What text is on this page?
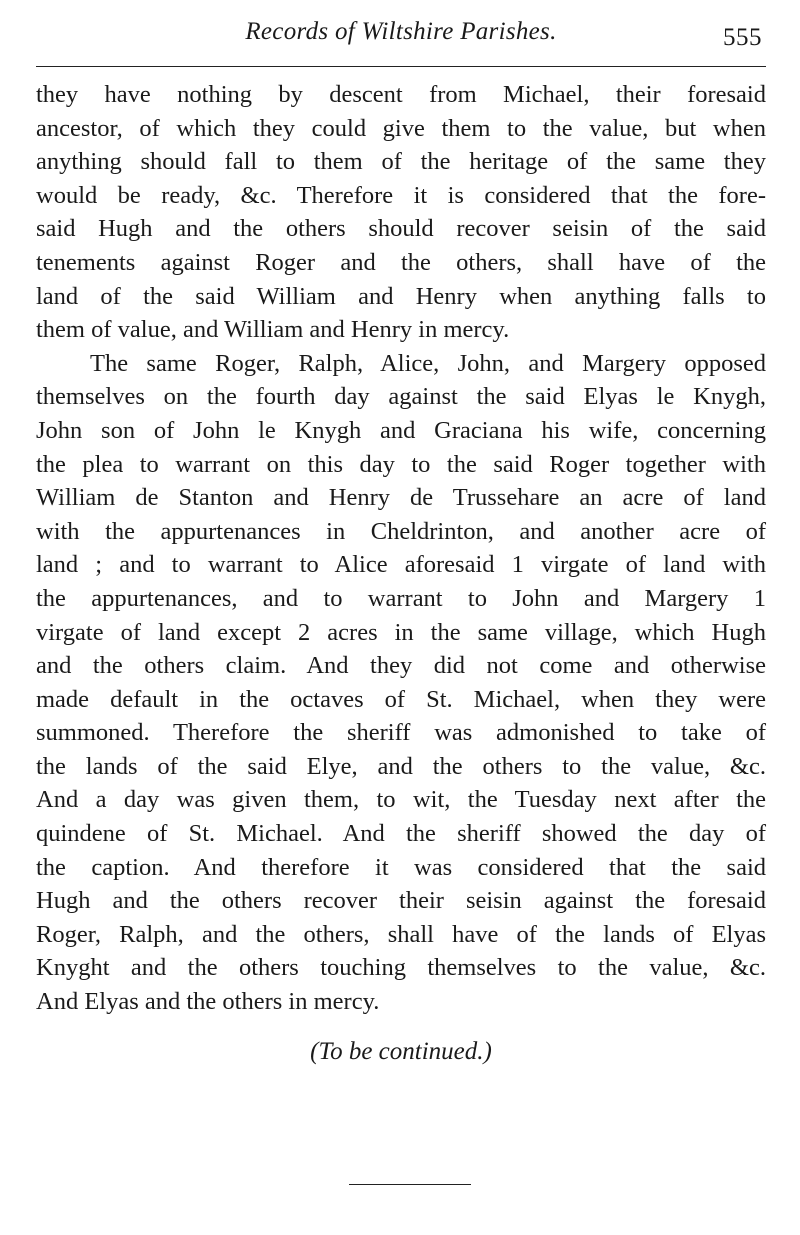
Records of Wiltshire Parishes.	555
they have nothing by descent from Michael, their foresaid
ancestor, of which they could give them to the value, but when
anything should fall to them of the heritage of the same they
would be ready, &c. Therefore it is considered that the fore-
said Hugh and the others should recover seisin of the said
tenements against Roger and the others, shall have of the
land of the said William and Henry when anything falls to
them of value, and William and Henry in mercy.
The same Roger, Ralph, Alice, John, and Margery opposed
themselves on the fourth day against the said Elyas le Knygh,
John son of John le Knygh and Graciana his wife, concerning
the plea to warrant on this day to the said Roger together with
William de Stanton and Henry de Trussehare an acre of land
with the appurtenances in Cheldrinton, and another acre of
land ; and to warrant to Alice aforesaid 1 virgate of land with
the appurtenances, and to warrant to John and Margery 1
virgate of land except 2 acres in the same village, which Hugh
and the others claim. And they did not come and otherwise
made default in the octaves of St. Michael, when they were
summoned. Therefore the sheriff was admonished to take of
the lands of the said Elye, and the others to the value, &c.
And a day was given them, to wit, the Tuesday next after the
quindene of St. Michael. And the sheriff showed the day of
the caption. And therefore it was considered that the said
Hugh and the others recover their seisin against the foresaid
Roger, Ralph, and the others, shall have of the lands of Elyas
Knyght and the others touching themselves to the value, &c.
And Elyas and the others in mercy.
(To be continued.)
